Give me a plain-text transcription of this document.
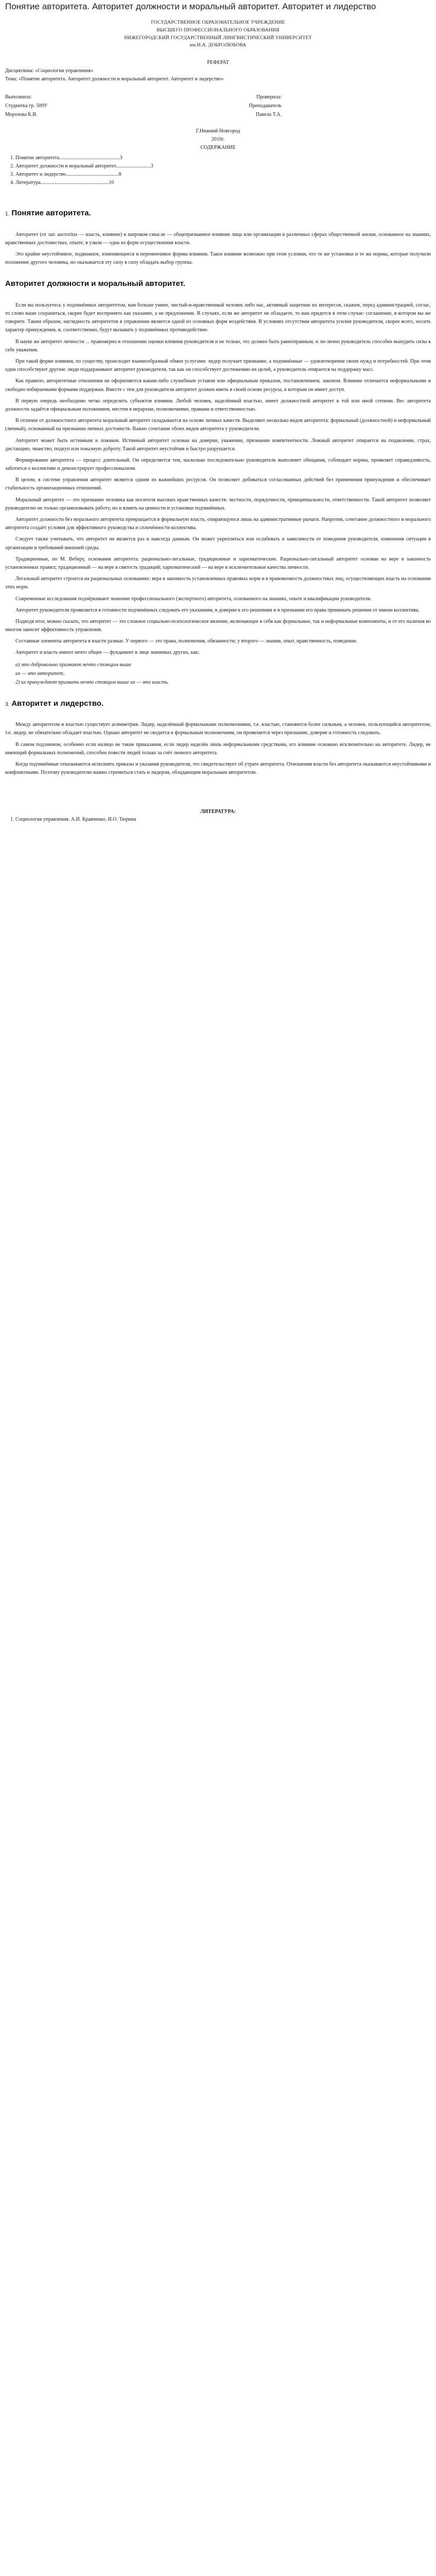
Понятие авторитета. Авторитет должности и моральный авторитет. Авторитет и лидерство
ГОСУДАРСТВЕННОЕ ОБРАЗОВАТЕЛЬНОЕ УЧРЕЖДЕНИЕ
ВЫСШЕГО ПРОФЕССИОНАЛЬНОГО ОБРАЗОВАНИЯ
НИЖЕГОРОДСКИЙ ГОСУДАРСТВЕННЫЙ ЛИНГВИСТИЧЕСКИЙ УНИВЕРСИТЕТ
им.Н.А. ДОБРОЛЮБОВА
РЕФЕРАТ
Дисциплина: «Социология управления»
Тема: «Понятие авторитета. Авторитет должности и моральный авторитет. Авторитет и лидерство»
Выполнила:	Проверила:
Студентка гр. 509У	Преподаватель
Морозова К.В.	Павела Т.А.
Г.Нижний Новгород
2010г.
СОДЕРЖАНИЕ
1. Понятие авторитета...............................................3
2. Авторитет должности и моральный авторитет...........................3
3. Авторитет и лидерство.........................................8
4. Литература.....................................................10
1. Понятие авторитета.

Авторитет (от лат. auctoritas — власть, влияние) в широком смысле — общепризнанное влияние лица или организации в различных сферах общественной жизни, основанное на знаниях, нравственных достоинствах, опыте; в узком — одна из форм осуществления власти.

Это крайне неустойчивое, подвижное, изменяющееся и переменчивое формы влияния. Такое влияние возможно при этом условии, что те же установки и те же нормы, которые получили положение другого человека, но оказывается эту силу в силу обладать выбор группы.

Авторитет должности и моральный авторитет.

Если вы пользуетесь у подчинённых авторитетом, вам больше умнее, чистый-и-нравственный человек либо нас, активный защитник их интересов, скажем, перед администрацией, соглас, то слово ваше сохраниться, скорее будет воспринято как указание, а не предложение. В случаях, если же авторитет не обладаете, то вам придется в этом случае: соглашение, в котором вы же говорите. Таким образом, наглядность авторитетов в управлении является одной из основных форм воздействия. В условиях отсутствия авторитета усилия руководителя, скорее всего, носить характер принуждения, и, соответственно, будут вызывать у подчинённых противодействие.

В науке же авторитет личности ... правомерно в отношении оценки влияния руководителя и не только, это должен быть равноправным, и ли-лично руководитель способен вынудить силы к себе уважения.

При такой форме влияния, по существу, происходит взаимообразный обмен услугами: лидер получает признание, а подчинённые — удовлетворение своих нужд и потребностей. При этом одни способствуют другим: люди поддерживают авторитет руководителя, так как он способствует достижению их целей, а руководитель опирается на поддержку масс.

Как правило, авторитетные отношения не оформляются каким-либо служебным уставом или официальным приказом, постановлением, законом. Влияние отличается неформальными и свободно избираемыми формами поддержки. Вместе с тем для руководителя авторитет должен иметь в своей основе ресурсы, к которым он имеет доступ.

В первую очередь необходимо четко определить субъектов влияния. Любой человек, наделённый властью, имеет должностной авторитет в той или иной степени. Вес авторитета должности задаётся официальным положением, местом в иерархии, полномочиями, правами и ответственностью.

В отличие от должностного авторитета моральный авторитет складывается на основе личных качеств. Выделяют несколько видов авторитета: формальный (должностной) и неформальный (личный), основанный на признании личных достоинств. Важно сочетание обоих видов авторитета у руководителя.

Авторитет может быть истинным и ложным. Истинный авторитет основан на доверии, уважении, признании компетентности. Ложный авторитет опирается на подавление, страх, дистанцию, чванство, подкуп или показную доброту. Такой авторитет неустойчив и быстро разрушается.

Формирование авторитета — процесс длительный. Он определяется тем, насколько последовательно руководитель выполняет обещания, соблюдает нормы, проявляет справедливость, заботится о коллективе и демонстрирует профессионализм.

В целом, в системе управления авторитет является одним из важнейших ресурсов. Он позволяет добиваться согласованных действий без применения принуждения и обеспечивает стабильность организационных отношений.

Моральный авторитет — это признание человека как носителя высоких нравственных качеств: честности, порядочности, принципиальности, ответственности. Такой авторитет позволяет руководителю не только организовывать работу, но и влиять на ценности и установки подчинённых.

Авторитет должности без морального авторитета превращается в формальную власть, опирающуюся лишь на административные рычаги. Напротив, сочетание должностного и морального авторитета создаёт условия для эффективного руководства и сплочённости коллектива.

Следует также учитывать, что авторитет не является раз и навсегда данным. Он может укрепляться или ослабевать в зависимости от поведения руководителя, изменения ситуации в организации и требований внешней среды.

Традиционные, по М. Веберу, основания авторитета: рационально-легальные, традиционные и харизматические. Рационально-легальный авторитет основан на вере в законность установленных правил; традиционный — на вере в святость традиций; харизматический — на вере в исключительные качества личности.

Легальный авторитет строится на рациональных основаниях: вера в законность установленных правовых норм и в правомочность должностных лиц, осуществляющих власть на основании этих норм.

Современные исследования подчёркивают значение профессионального (экспертного) авторитета, основанного на знаниях, опыте и квалификации руководителя.

Авторитет руководителя проявляется в готовности подчинённых следовать его указаниям, в доверии к его решениям и в признании его права принимать решения от имени коллектива.

Подводя итог, можно сказать, что авторитет — это сложное социально-психологическое явление, включающее в себя как формальные, так и неформальные компоненты, и от его наличия во многом зависит эффективность управления.

Составные элементы авторитета в власти разные. У первого — это права, полномочия, обязанности; у второго — знания, опыт, нравственность, поведение.

Авторитет и власть имеют нечто общее — фундамент в лице значимых других, как:

а) это добровольно признают нечто стоящим выше
их — это авторитет,
2) их принуждают признать нечто стоящим выше их — это власть.
3. Авторитет и лидерство.

Между авторитетом и властью существует асимметрия. Лидер, наделённый формальными полномочиями, т.е. властью, становится более сильным, а человек, пользующийся авторитетом, т.е. лидер, не обязательно обладает властью. Однако авторитет не сводится к формальным полномочиям, он проявляется через признание, доверие и готовность следовать.

В самом подлинном, особенно если налицо не такие приказания, если лидер наделён лишь неформальными средствами, его влияние основано исключительно на авторитете. Лидер, не имеющий формальных полномочий, способен повести людей только за счёт личного авторитета.

Когда подчинённые отказываются исполнять приказы и указания руководителя, это свидетельствует об утрате авторитета. Отношения власти без авторитета оказываются неустойчивыми и конфликтными. Поэтому руководителю важно стремиться стать и лидером, обладающим моральным авторитетом.

ЛИТЕРАТУРА:
1. Социология управления. А.И. Кравченко, И.О. Тюрина
